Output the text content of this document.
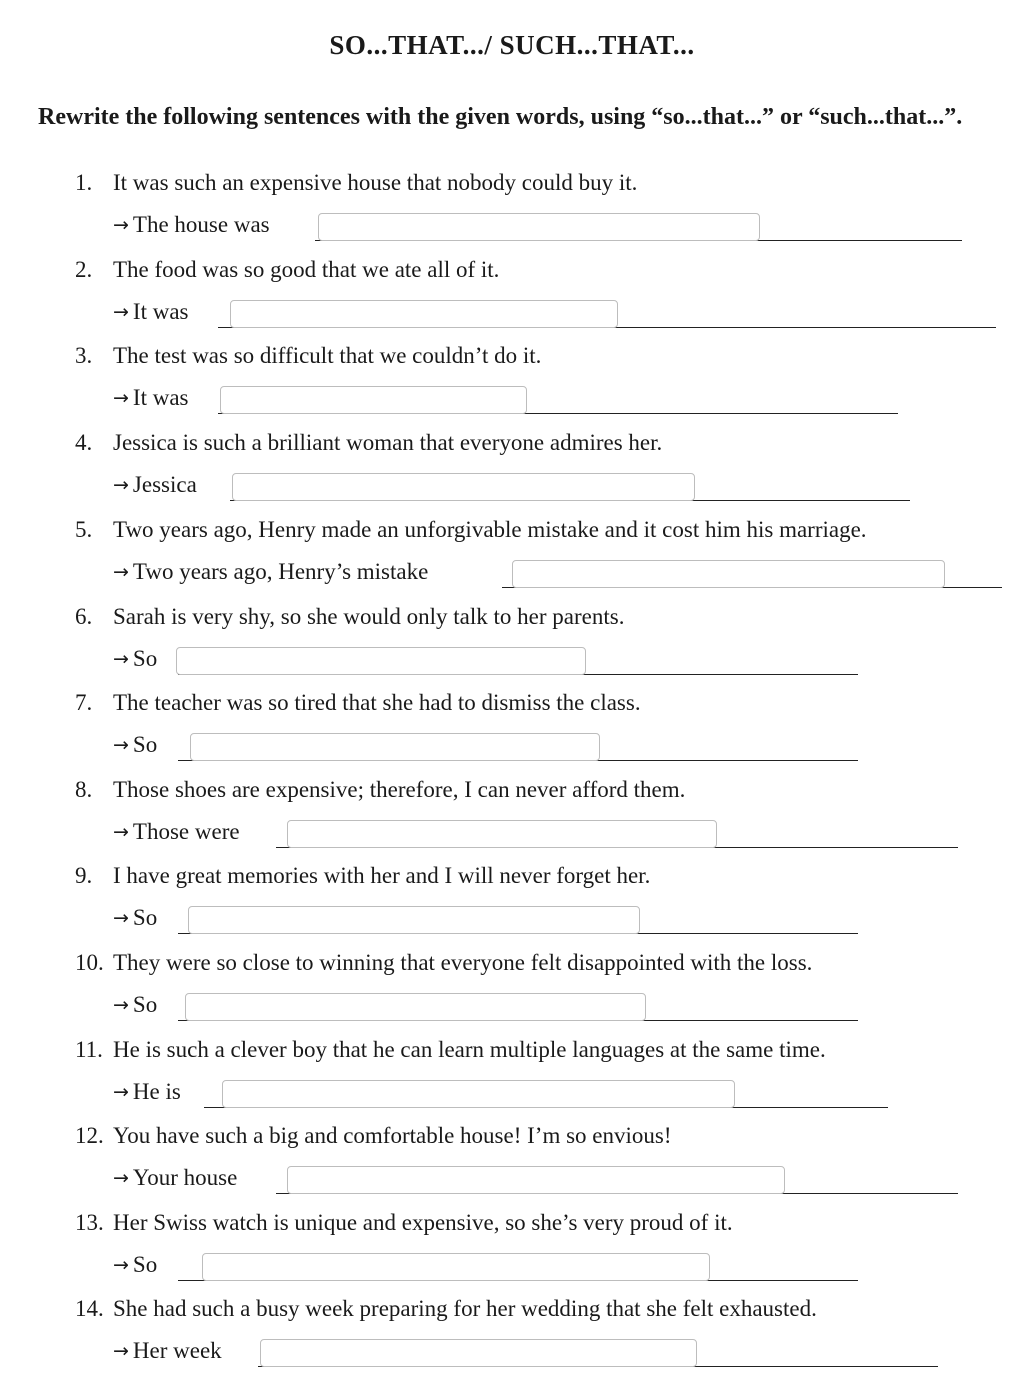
SO...THAT.../ SUCH...THAT...
Rewrite the following sentences with the given words, using “so...that...” or “such...that...”.
1. It was such an expensive house that nobody could buy it.
→ The house was
2. The food was so good that we ate all of it.
→ It was
3. The test was so difficult that we couldn’t do it.
→ It was
4. Jessica is such a brilliant woman that everyone admires her.
→ Jessica
5. Two years ago, Henry made an unforgivable mistake and it cost him his marriage.
→ Two years ago, Henry’s mistake
6. Sarah is very shy, so she would only talk to her parents.
→ So
7. The teacher was so tired that she had to dismiss the class.
→ So
8. Those shoes are expensive; therefore, I can never afford them.
→ Those were
9. I have great memories with her and I will never forget her.
→ So
10. They were so close to winning that everyone felt disappointed with the loss.
→ So
11. He is such a clever boy that he can learn multiple languages at the same time.
→ He is
12. You have such a big and comfortable house! I’m so envious!
→ Your house
13. Her Swiss watch is unique and expensive, so she’s very proud of it.
→ So
14. She had such a busy week preparing for her wedding that she felt exhausted.
→ Her week
